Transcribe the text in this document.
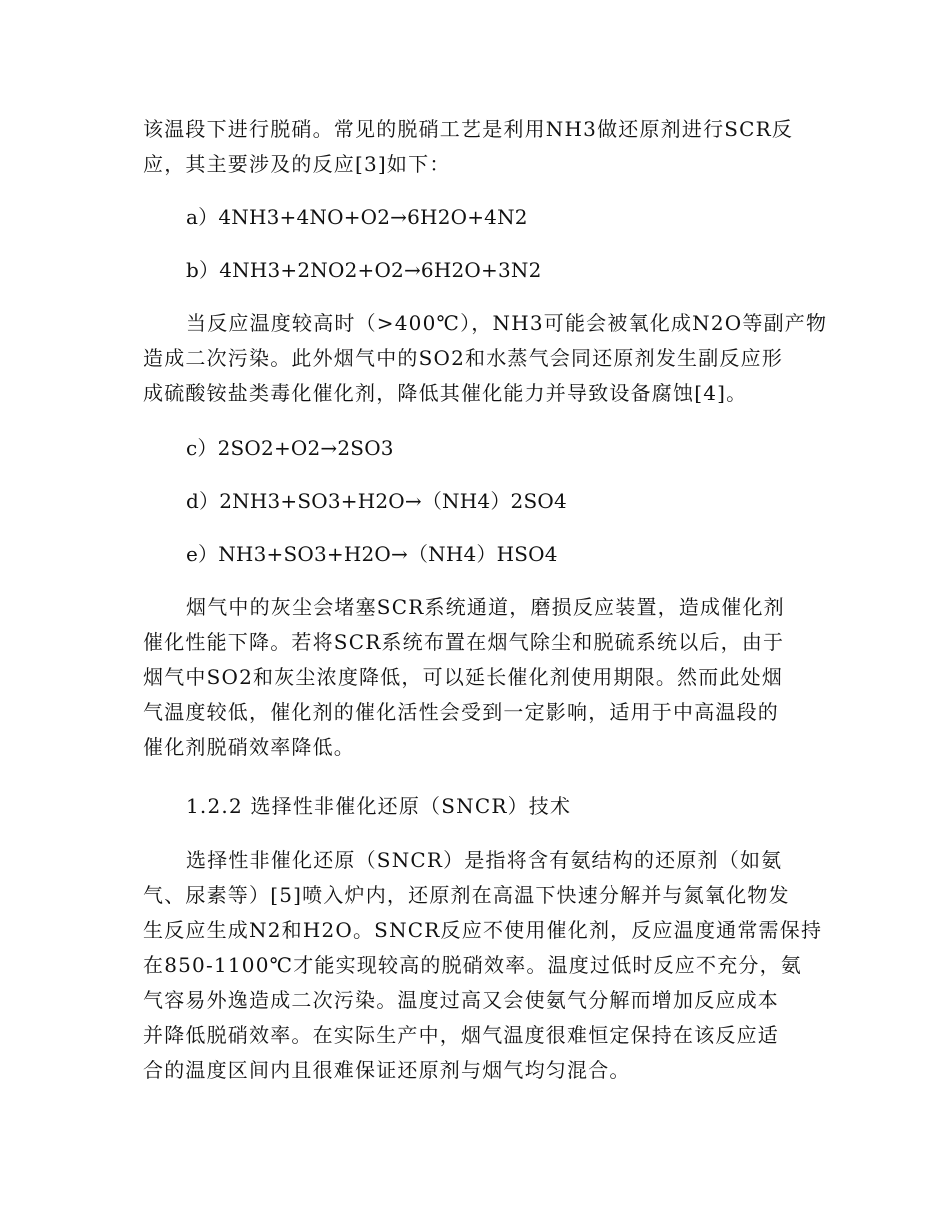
该温段下进行脱硝。常见的脱硝工艺是利用NH3做还原剂进行SCR反
应，其主要涉及的反应[3]如下：
a）4NH3+4NO+O2→6H2O+4N2
b）4NH3+2NO2+O2→6H2O+3N2
当反应温度较高时（>400℃），NH3可能会被氧化成N2O等副产物
造成二次污染。此外烟气中的SO2和水蒸气会同还原剂发生副反应形
成硫酸铵盐类毒化催化剂，降低其催化能力并导致设备腐蚀[4]。
c）2SO2+O2→2SO3
d）2NH3+SO3+H2O→（NH4）2SO4
e）NH3+SO3+H2O→（NH4）HSO4
烟气中的灰尘会堵塞SCR系统通道，磨损反应装置，造成催化剂
催化性能下降。若将SCR系统布置在烟气除尘和脱硫系统以后，由于
烟气中SO2和灰尘浓度降低，可以延长催化剂使用期限。然而此处烟
气温度较低，催化剂的催化活性会受到一定影响，适用于中高温段的
催化剂脱硝效率降低。
1.2.2 选择性非催化还原（SNCR）技术
选择性非催化还原（SNCR）是指将含有氨结构的还原剂（如氨
气、尿素等）[5]喷入炉内，还原剂在高温下快速分解并与氮氧化物发
生反应生成N2和H2O。SNCR反应不使用催化剂，反应温度通常需保持
在850-1100℃才能实现较高的脱硝效率。温度过低时反应不充分，氨
气容易外逸造成二次污染。温度过高又会使氨气分解而增加反应成本
并降低脱硝效率。在实际生产中，烟气温度很难恒定保持在该反应适
合的温度区间内且很难保证还原剂与烟气均匀混合。
